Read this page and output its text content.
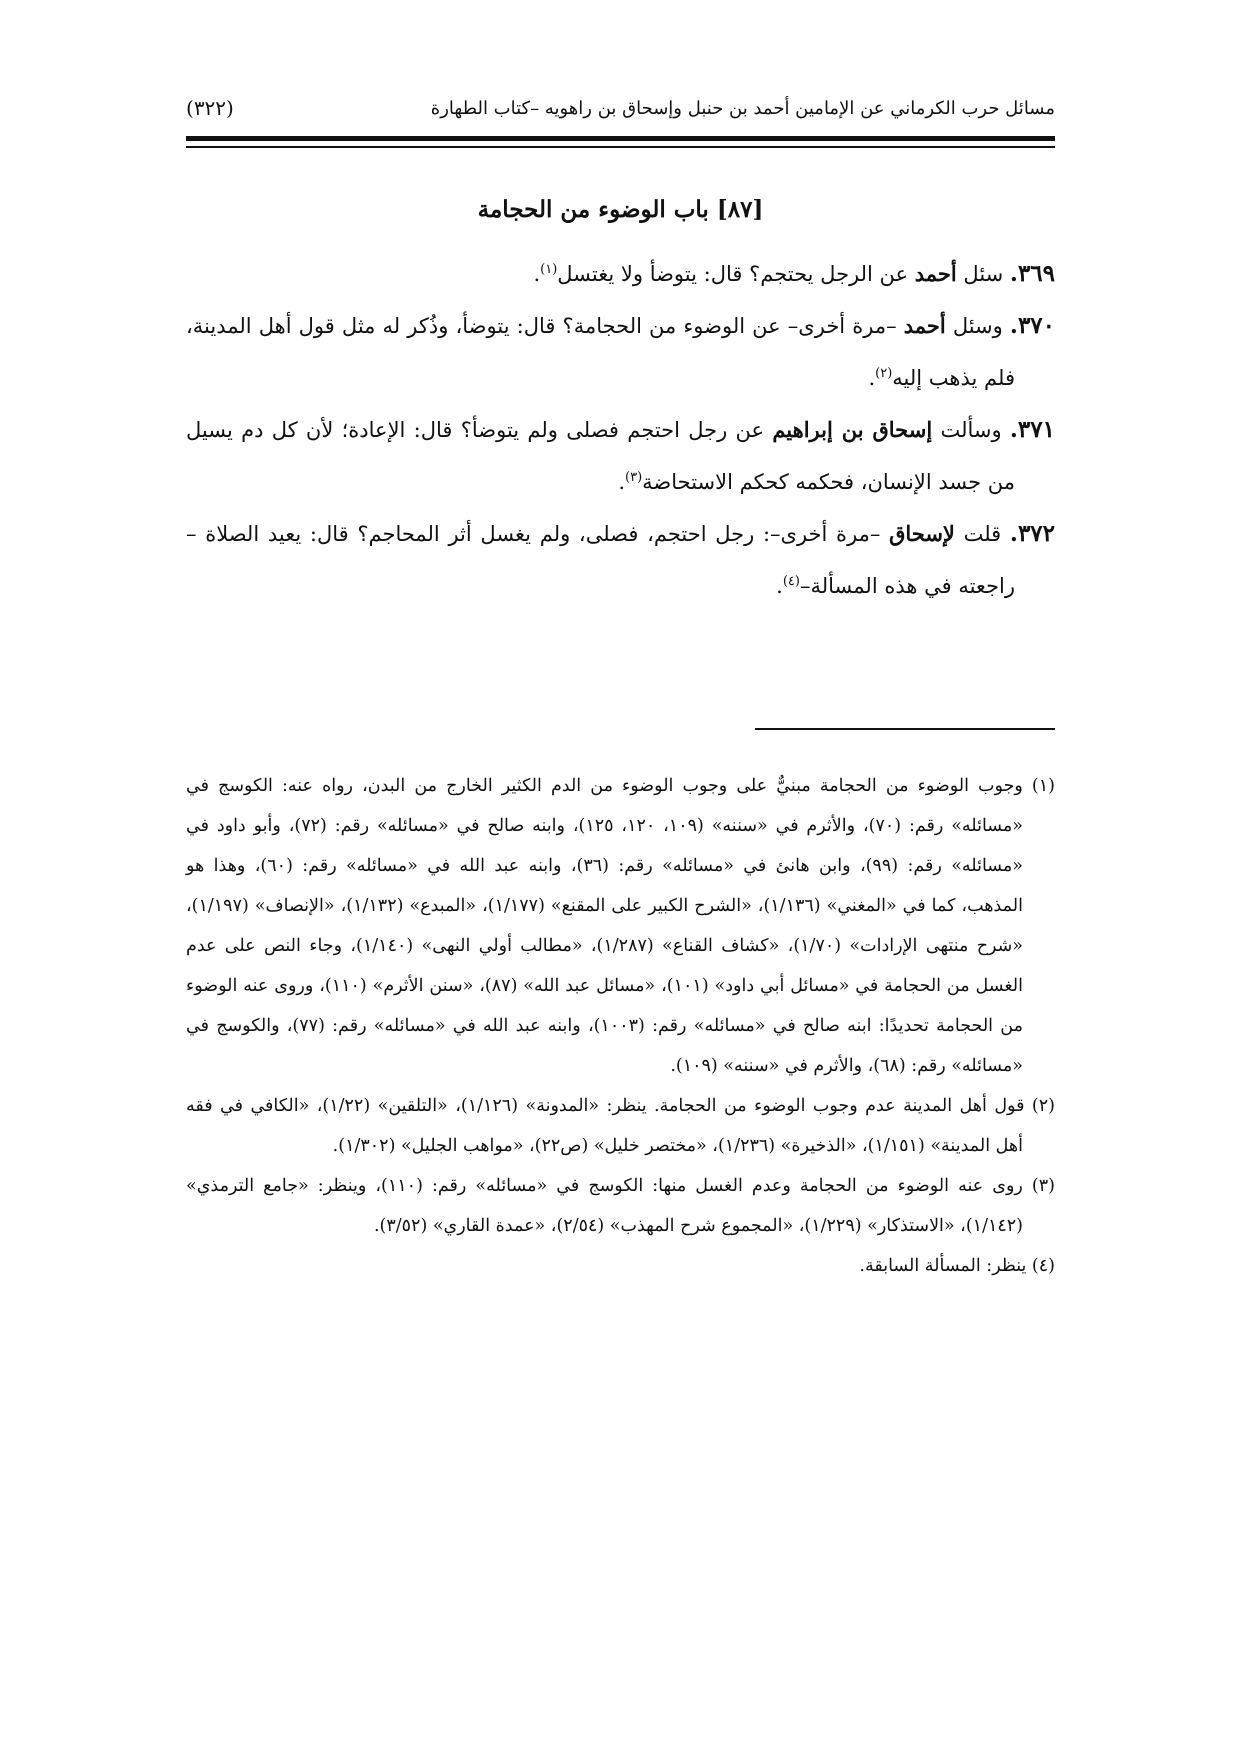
مسائل حرب الكرماني عن الإمامين أحمد بن حنبل وإسحاق بن راهويه –كتاب الطهارة
(٣٢٢)
[٨٧] باب الوضوء من الحجامة

٣٦٩. سئل أحمد عن الرجل يحتجم؟ قال: يتوضأ ولا يغتسل$^{(١)}$.

٣٧٠. وسئل أحمد –مرة أخرى– عن الوضوء من الحجامة؟ قال: يتوضأ، وذُكر له مثل قول أهل المدينة، فلم يذهب إليه$^{(٢)}$.

٣٧١. وسألت إسحاق بن إبراهيم عن رجل احتجم فصلى ولم يتوضأ؟ قال: الإعادة؛ لأن كل دم يسيل من جسد الإنسان، فحكمه كحكم الاستحاضة$^{(٣)}$.

٣٧٢. قلت لإسحاق –مرة أخرى–: رجل احتجم، فصلى، ولم يغسل أثر المحاجم؟ قال: يعيد الصلاة –راجعته في هذه المسألة–$^{(٤)}$.

(١) وجوب الوضوء من الحجامة مبنيٌّ على وجوب الوضوء من الدم الكثير الخارج من البدن، رواه عنه: الكوسج في «مسائله» رقم: (٧٠)، والأثرم في «سننه» (١٠٩، ١٢٠، ١٢٥)، وابنه صالح في «مسائله» رقم: (٧٢)، وأبو داود في «مسائله» رقم: (٩٩)، وابن هانئ في «مسائله» رقم: (٣٦)، وابنه عبد الله في «مسائله» رقم: (٦٠)، وهذا هو المذهب، كما في «المغني» (١/١٣٦)، «الشرح الكبير على المقنع» (١/١٧٧)، «المبدع» (١/١٣٢)، «الإنصاف» (١/١٩٧)، «شرح منتهى الإرادات» (١/٧٠)، «كشاف القناع» (١/٢٨٧)، «مطالب أولي النهى» (١/١٤٠)، وجاء النص على عدم الغسل من الحجامة في «مسائل أبي داود» (١٠١)، «مسائل عبد الله» (٨٧)، «سنن الأثرم» (١١٠)، وروى عنه الوضوء من الحجامة تحديدًا: ابنه صالح في «مسائله» رقم: (١٠٠٣)، وابنه عبد الله في «مسائله» رقم: (٧٧)، والكوسج في «مسائله» رقم: (٦٨)، والأثرم في «سننه» (١٠٩).

(٢) قول أهل المدينة عدم وجوب الوضوء من الحجامة. ينظر: «المدونة» (١/١٢٦)، «التلقين» (١/٢٢)، «الكافي في فقه أهل المدينة» (١/١٥١)، «الذخيرة» (١/٢٣٦)، «مختصر خليل» (ص٢٢)، «مواهب الجليل» (١/٣٠٢).

(٣) روى عنه الوضوء من الحجامة وعدم الغسل منها: الكوسج في «مسائله» رقم: (١١٠)، وينظر: «جامع الترمذي» (١/١٤٢)، «الاستذكار» (١/٢٢٩)، «المجموع شرح المهذب» (٢/٥٤)، «عمدة القاري» (٣/٥٢).

(٤) ينظر: المسألة السابقة.
